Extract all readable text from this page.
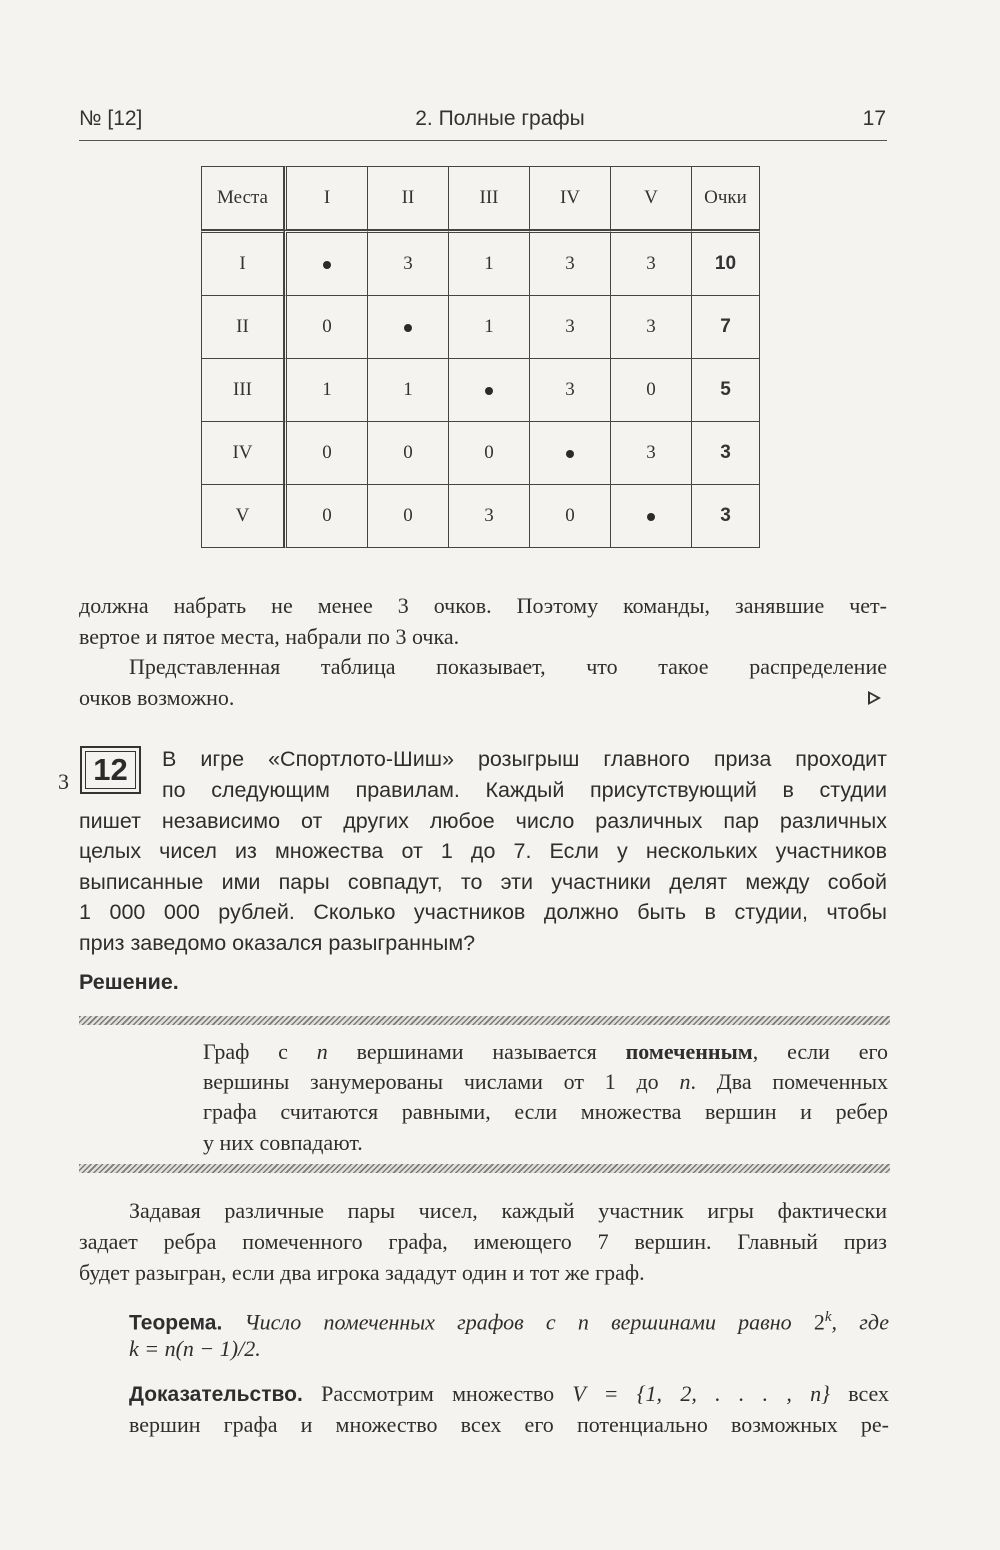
№ [12]	2. Полные графы	17
Места	I	II	III	IV	V	Очки
I		3	1	3	3	10
II	0		1	3	3	7
III	1	1		3	0	5
IV	0	0	0		3	3
V	0	0	3	0		3
должна набрать не менее 3 очков. Поэтому команды, занявшие чет-
вертое и пятое места, набрали по 3 очка.
Представленная таблица показывает, что такое распределение
очков возможно.
3 12	В игре «Спортлото-Шиш» розыгрыш главного приза проходит
по следующим правилам. Каждый присутствующий в студии
пишет независимо от других любое число различных пар различных
целых чисел из множества от 1 до 7. Если у нескольких участников
выписанные ими пары совпадут, то эти участники делят между собой
1 000 000 рублей. Сколько участников должно быть в студии, чтобы
приз заведомо оказался разыгранным?
Решение.
Граф с n вершинами называется помеченным, если его
вершины занумерованы числами от 1 до n. Два помеченных
графа считаются равными, если множества вершин и ребер
у них совпадают.
Задавая различные пары чисел, каждый участник игры фактически
задает ребра помеченного графа, имеющего 7 вершин. Главный приз
будет разыгран, если два игрока зададут один и тот же граф.
Теорема. Число помеченных графов с n вершинами равно 2$^k$, где
k = n(n − 1)/2.
Доказательство. Рассмотрим множество V = {1, 2, . . . , n} всех
вершин графа и множество всех его потенциально возможных ре-
